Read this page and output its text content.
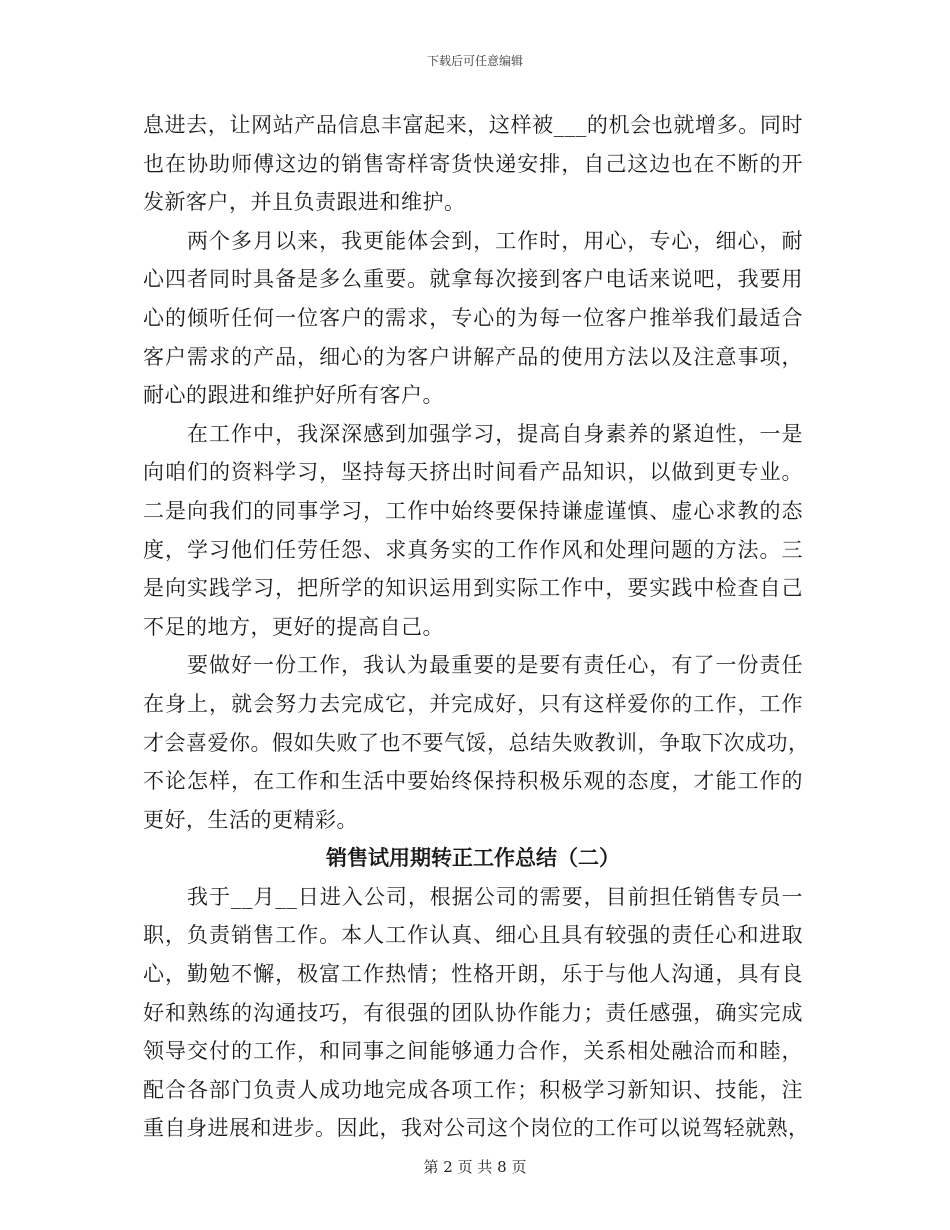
下载后可任意编辑
息进去，让网站产品信息丰富起来，这样被___的机会也就增多。同时
也在协助师傅这边的销售寄样寄货快递安排，自己这边也在不断的开
发新客户，并且负责跟进和维护。
两个多月以来，我更能体会到，工作时，用心，专心，细心，耐
心四者同时具备是多么重要。就拿每次接到客户电话来说吧，我要用
心的倾听任何一位客户的需求，专心的为每一位客户推举我们最适合
客户需求的产品，细心的为客户讲解产品的使用方法以及注意事项，
耐心的跟进和维护好所有客户。
在工作中，我深深感到加强学习，提高自身素养的紧迫性，一是
向咱们的资料学习，坚持每天挤出时间看产品知识，以做到更专业。
二是向我们的同事学习，工作中始终要保持谦虚谨慎、虚心求教的态
度，学习他们任劳任怨、求真务实的工作作风和处理问题的方法。三
是向实践学习，把所学的知识运用到实际工作中，要实践中检查自己
不足的地方，更好的提高自己。
要做好一份工作，我认为最重要的是要有责任心，有了一份责任
在身上，就会努力去完成它，并完成好，只有这样爱你的工作，工作
才会喜爱你。假如失败了也不要气馁，总结失败教训，争取下次成功，
不论怎样，在工作和生活中要始终保持积极乐观的态度，才能工作的
更好，生活的更精彩。
销售试用期转正工作总结（二）
我于__月__日进入公司，根据公司的需要，目前担任销售专员一
职，负责销售工作。本人工作认真、细心且具有较强的责任心和进取
心，勤勉不懈，极富工作热情；性格开朗，乐于与他人沟通，具有良
好和熟练的沟通技巧，有很强的团队协作能力；责任感强，确实完成
领导交付的工作，和同事之间能够通力合作，关系相处融洽而和睦，
配合各部门负责人成功地完成各项工作；积极学习新知识、技能，注
重自身进展和进步。因此，我对公司这个岗位的工作可以说驾轻就熟，
第 2 页 共 8 页
